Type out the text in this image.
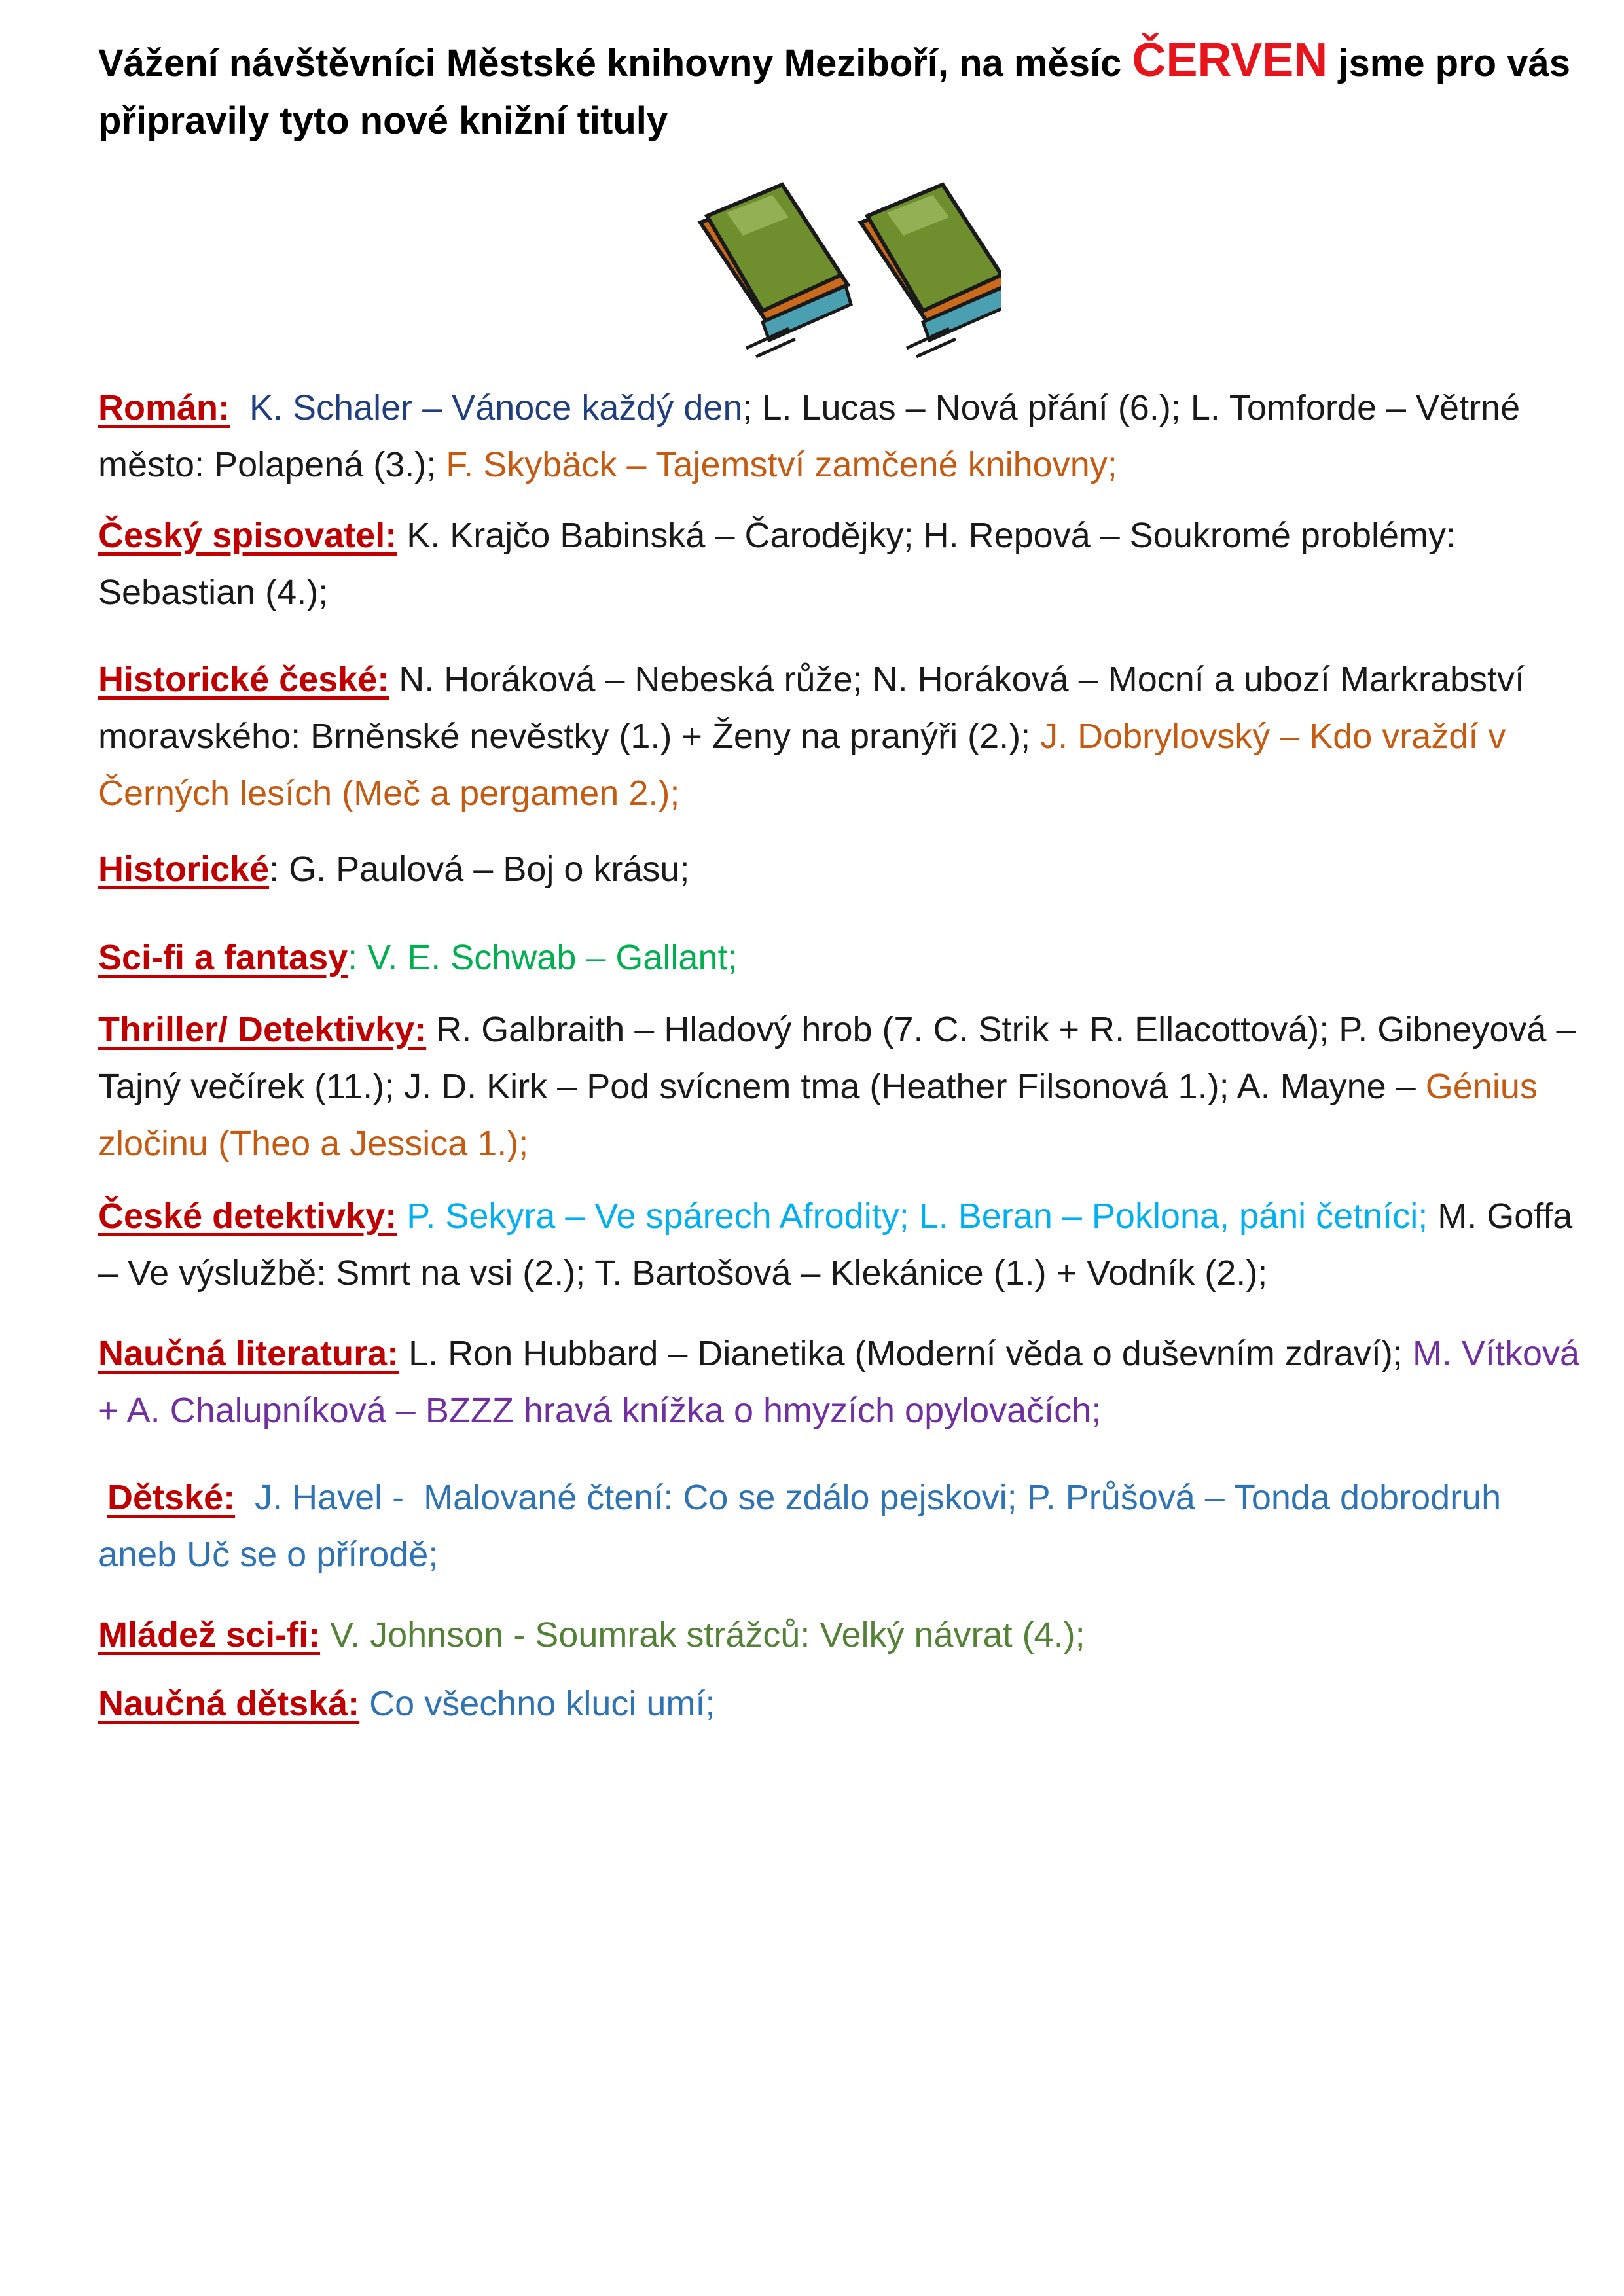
Vážení návštěvníci Městské knihovny Meziboří, na měsíc ČERVEN jsme pro vás připravily tyto nové knižní tituly
Román: K. Schaler – Vánoce každý den; L. Lucas – Nová přání (6.); L. Tomforde – Větrné město: Polapená (3.); F. Skybäck – Tajemství zamčené knihovny;
Český spisovatel: K. Krajčo Babinská – Čarodějky; H. Repová – Soukromé problémy: Sebastian (4.);
Historické české: N. Horáková – Nebeská růže; N. Horáková – Mocní a ubozí Markrabství moravského: Brněnské nevěstky (1.) + Ženy na pranýři (2.); J. Dobrylovský – Kdo vraždí v Černých lesích (Meč a pergamen 2.);
Historické: G. Paulová – Boj o krásu;
Sci-fi a fantasy: V. E. Schwab – Gallant;
Thriller/ Detektivky: R. Galbraith – Hladový hrob (7. C. Strik + R. Ellacottová); P. Gibneyová – Tajný večírek (11.); J. D. Kirk – Pod svícnem tma (Heather Filsonová 1.); A. Mayne – Génius zločinu (Theo a Jessica 1.);
České detektivky: P. Sekyra – Ve spárech Afrodity; L. Beran – Poklona, páni četníci; M. Goffa – Ve výslužbě: Smrt na vsi (2.); T. Bartošová – Klekánice (1.) + Vodník (2.);
Naučná literatura: L. Ron Hubbard – Dianetika (Moderní věda o duševním zdraví); M. Vítková + A. Chalupníková – BZZZ hravá knížka o hmyzích opylovačích;
Dětské:  J. Havel -  Malované čtení: Co se zdálo pejskovi; P. Průšová – Tonda dobrodruh aneb Uč se o přírodě;
Mládež sci-fi: V. Johnson - Soumrak strážců: Velký návrat (4.);
Naučná dětská: Co všechno kluci umí;
